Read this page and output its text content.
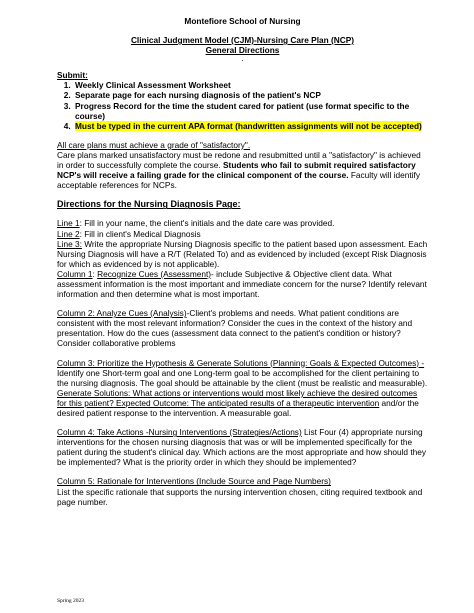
Montefiore School of Nursing
Clinical Judgment Model (CJM)-Nursing Care Plan (NCP)
General Directions
.
Submit:
1. Weekly Clinical Assessment Worksheet
2. Separate page for each nursing diagnosis of the patient's NCP
3. Progress Record for the time the student cared for patient (use format specific to the course)
4. Must be typed in the current APA format (handwritten assignments will not be accepted)
All care plans must achieve a grade of "satisfactory".

Care plans marked unsatisfactory must be redone and resubmitted until a "satisfactory" is achieved in order to successfully complete the course. Students who fail to submit required satisfactory NCP's will receive a failing grade for the clinical component of the course. Faculty will identify acceptable references for NCPs.

Directions for the Nursing Diagnosis Page:

Line 1: Fill in your name, the client's initials and the date care was provided.

Line 2: Fill in client's Medical Diagnosis

Line 3: Write the appropriate Nursing Diagnosis specific to the patient based upon assessment. Each Nursing Diagnosis will have a R/T (Related To) and as evidenced by included (except Risk Diagnosis for which as evidenced by is not applicable).

Column 1: Recognize Cues (Assessment)- include Subjective & Objective client data. What assessment information is the most important and immediate concern for the nurse? Identify relevant information and then determine what is most important.

Column 2: Analyze Cues (Analysis)-Client's problems and needs. What patient conditions are consistent with the most relevant information? Consider the cues in the context of the history and presentation. How do the cues (assessment data connect to the patient's condition or history? Consider collaborative problems

Column 3: Prioritize the Hypothesis & Generate Solutions (Planning: Goals & Expected Outcomes) - Identify one Short-term goal and one Long-term goal to be accomplished for the client pertaining to the nursing diagnosis. The goal should be attainable by the client (must be realistic and measurable). Generate Solutions: What actions or interventions would most likely achieve the desired outcomes for this patient? Expected Outcome: The anticipated results of a therapeutic intervention and/or the desired patient response to the intervention. A measurable goal.

Column 4: Take Actions -Nursing Interventions (Strategies/Actions) List Four (4) appropriate nursing interventions for the chosen nursing diagnosis that was or will be implemented specifically for the patient during the student's clinical day. Which actions are the most appropriate and how should they be implemented? What is the priority order in which they should be implemented?

Column 5: Rationale for Interventions (Include Source and Page Numbers)
List the specific rationale that supports the nursing intervention chosen, citing required textbook and page number.

Spring 2023
